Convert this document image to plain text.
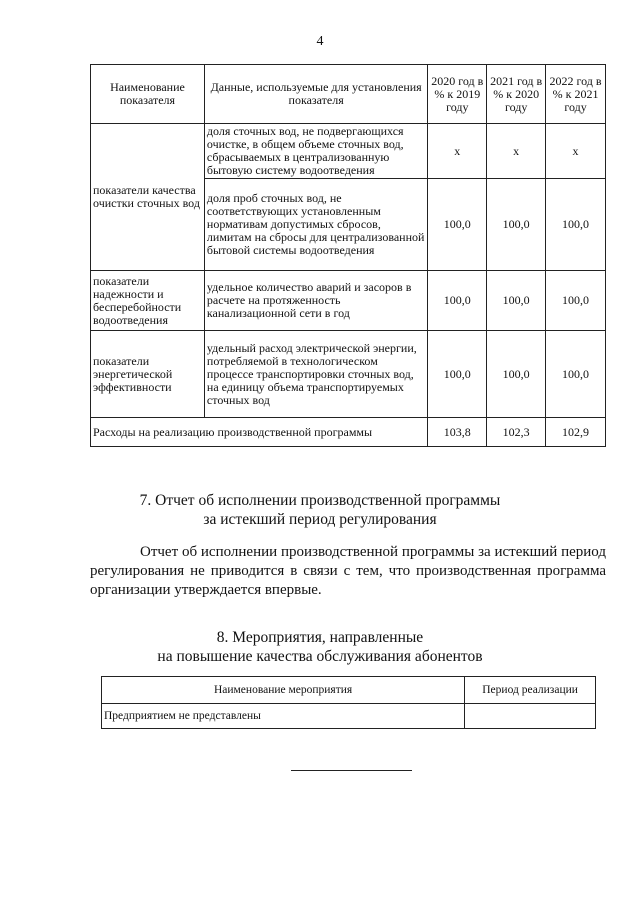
4
Наименование показателя	Данные, используемые для установления показателя	2020 год в % к 2019 году	2021 год в % к 2020 году	2022 год в % к 2021 году
показатели качества очистки сточных вод	доля сточных вод, не подвергающихся очистке, в общем объеме сточных вод, сбрасываемых в централизованную бытовую систему водоотведения	x	x	x
	доля проб сточных вод, не соответствующих установленным нормативам допустимых сбросов, лимитам на сбросы для централизованной бытовой системы водоотведения	100,0	100,0	100,0
показатели надежности и бесперебойности водоотведения	удельное количество аварий и засоров в расчете на протяженность канализационной сети в год	100,0	100,0	100,0
показатели энергетической эффективности	удельный расход электрической энергии, потребляемой в технологическом процессе транспортировки сточных вод, на единицу объема транспортируемых сточных вод	100,0	100,0	100,0
Расходы на реализацию производственной программы		103,8	102,3	102,9
7. Отчет об исполнении производственной программы
за истекший период регулирования
Отчет об исполнении производственной программы за истекший период регулирования не приводится в связи с тем, что производственная программа организации утверждается впервые.
8. Мероприятия, направленные
на повышение качества обслуживания абонентов
Наименование мероприятия	Период реализации
Предприятием не представлены	
